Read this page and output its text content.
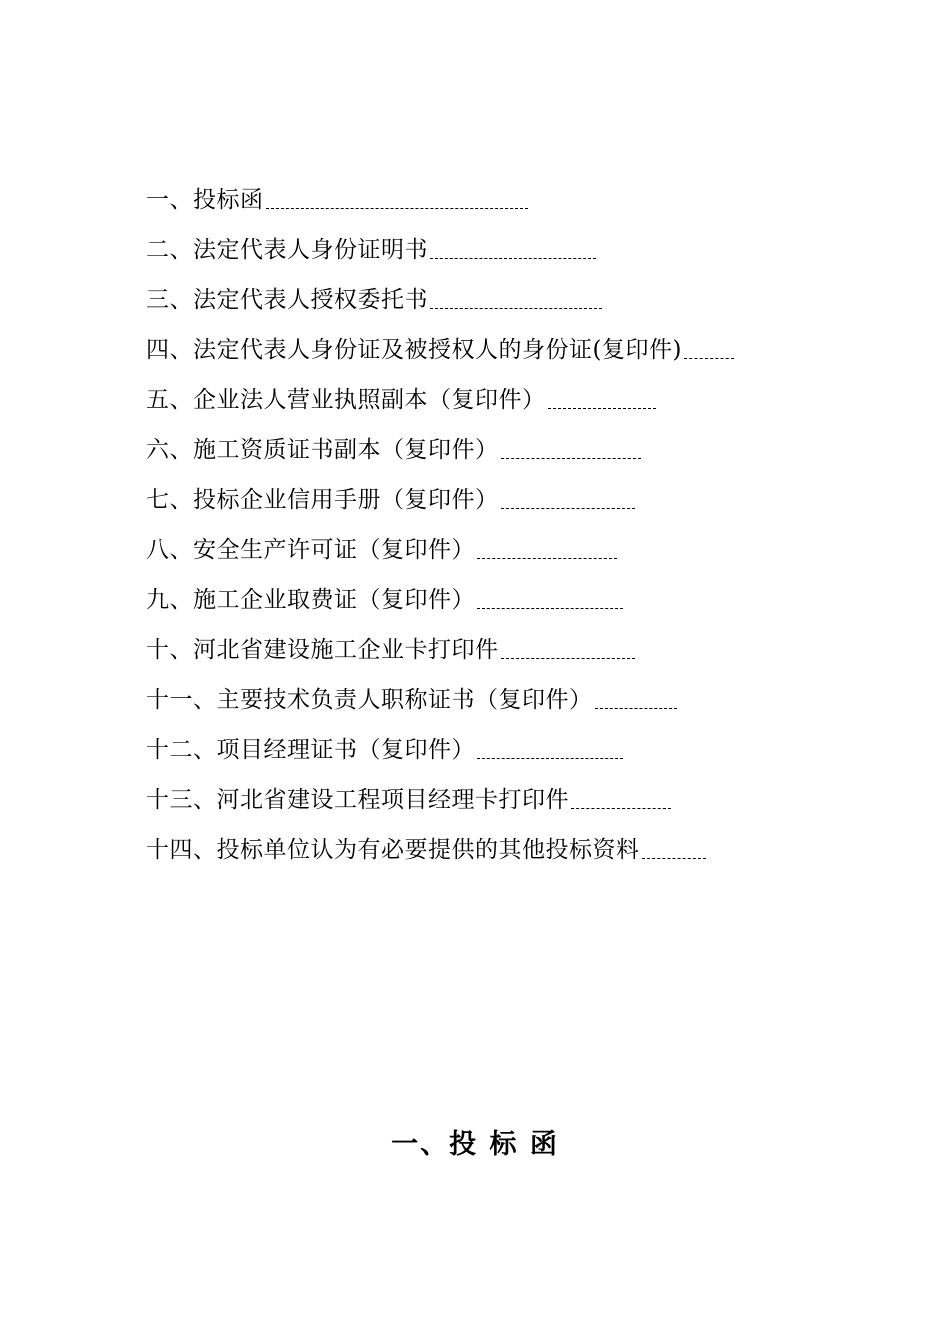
一、投标函
二、法定代表人身份证明书
三、法定代表人授权委托书
四、法定代表人身份证及被授权人的身份证(复印件)
五、企业法人营业执照副本（复印件）
六、施工资质证书副本（复印件）
七、投标企业信用手册（复印件）
八、安全生产许可证（复印件）
九、施工企业取费证（复印件）
十、河北省建设施工企业卡打印件
十一、主要技术负责人职称证书（复印件）
十二、项目经理证书（复印件）
十三、河北省建设工程项目经理卡打印件
十四、投标单位认为有必要提供的其他投标资料
一、投 标 函
